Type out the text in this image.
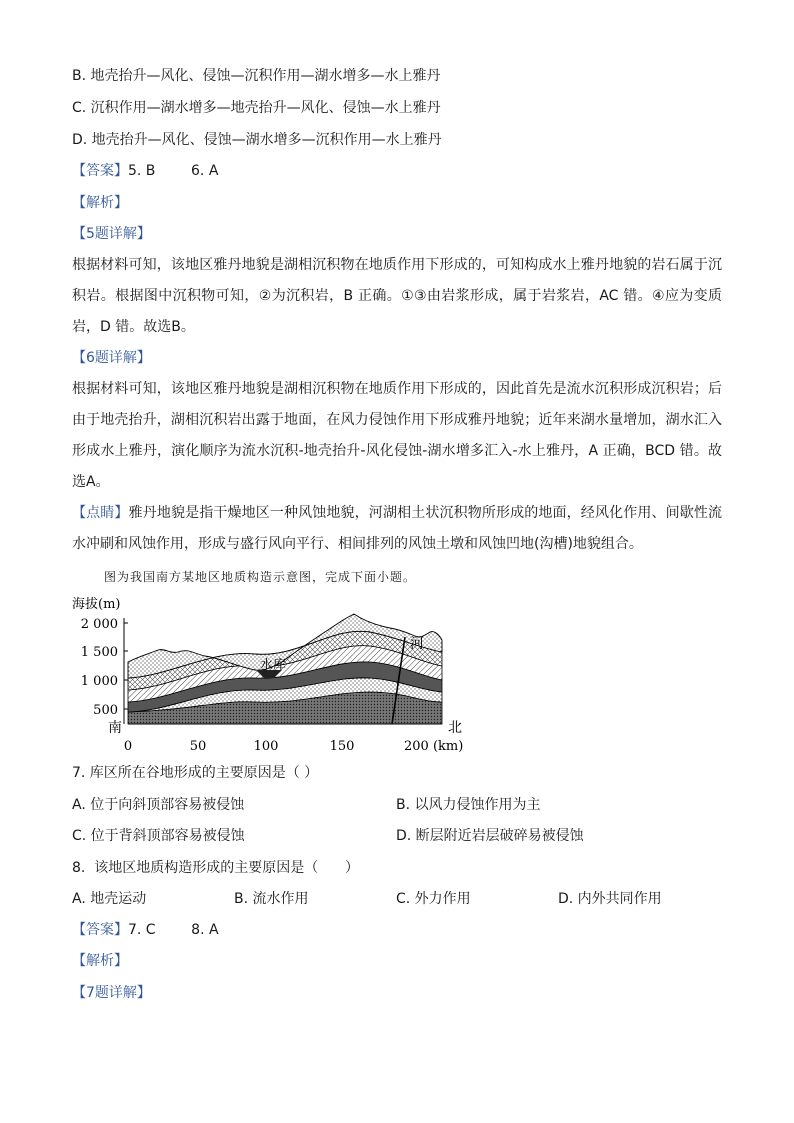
B. 地壳抬升—风化、侵蚀—沉积作用—湖水增多—水上雅丹
C. 沉积作用—湖水增多—地壳抬升—风化、侵蚀—水上雅丹
D. 地壳抬升—风化、侵蚀—湖水增多—沉积作用—水上雅丹
【答案】5. B        6. A
【解析】
【5题详解】
根据材料可知，该地区雅丹地貌是湖相沉积物在地质作用下形成的，可知构成水上雅丹地貌的岩石属于沉积岩。根据图中沉积物可知，②为沉积岩，B 正确。①③由岩浆形成，属于岩浆岩，AC 错。④应为变质岩，D 错。故选B。
【6题详解】
根据材料可知，该地区雅丹地貌是湖相沉积物在地质作用下形成的，因此首先是流水沉积形成沉积岩；后由于地壳抬升，湖相沉积岩出露于地面，在风力侵蚀作用下形成雅丹地貌；近年来湖水量增加，湖水汇入形成水上雅丹，演化顺序为流水沉积-地壳抬升-风化侵蚀-湖水增多汇入-水上雅丹，A 正确，BCD 错。故选A。
【点睛】雅丹地貌是指干燥地区一种风蚀地貌，河湖相土状沉积物所形成的地面，经风化作用、间歇性流水冲刷和风蚀作用，形成与盛行风向平行、相间排列的风蚀土墩和风蚀凹地(沟槽)地貌组合。
图为我国南方某地区地质构造示意图，完成下面小题。
海拔(m)
2 000
1 500
1 000
500
水库
河
南	北
0	50	100	150	200 (km)
7. 库区所在谷地形成的主要原因是（ ）
A. 位于向斜顶部容易被侵蚀	B. 以风力侵蚀作用为主
C. 位于背斜顶部容易被侵蚀	D. 断层附近岩层破碎易被侵蚀
8.  该地区地质构造形成的主要原因是（      ）
A. 地壳运动	B. 流水作用	C. 外力作用	D. 内外共同作用
【答案】7. C        8. A
【解析】
【7题详解】
